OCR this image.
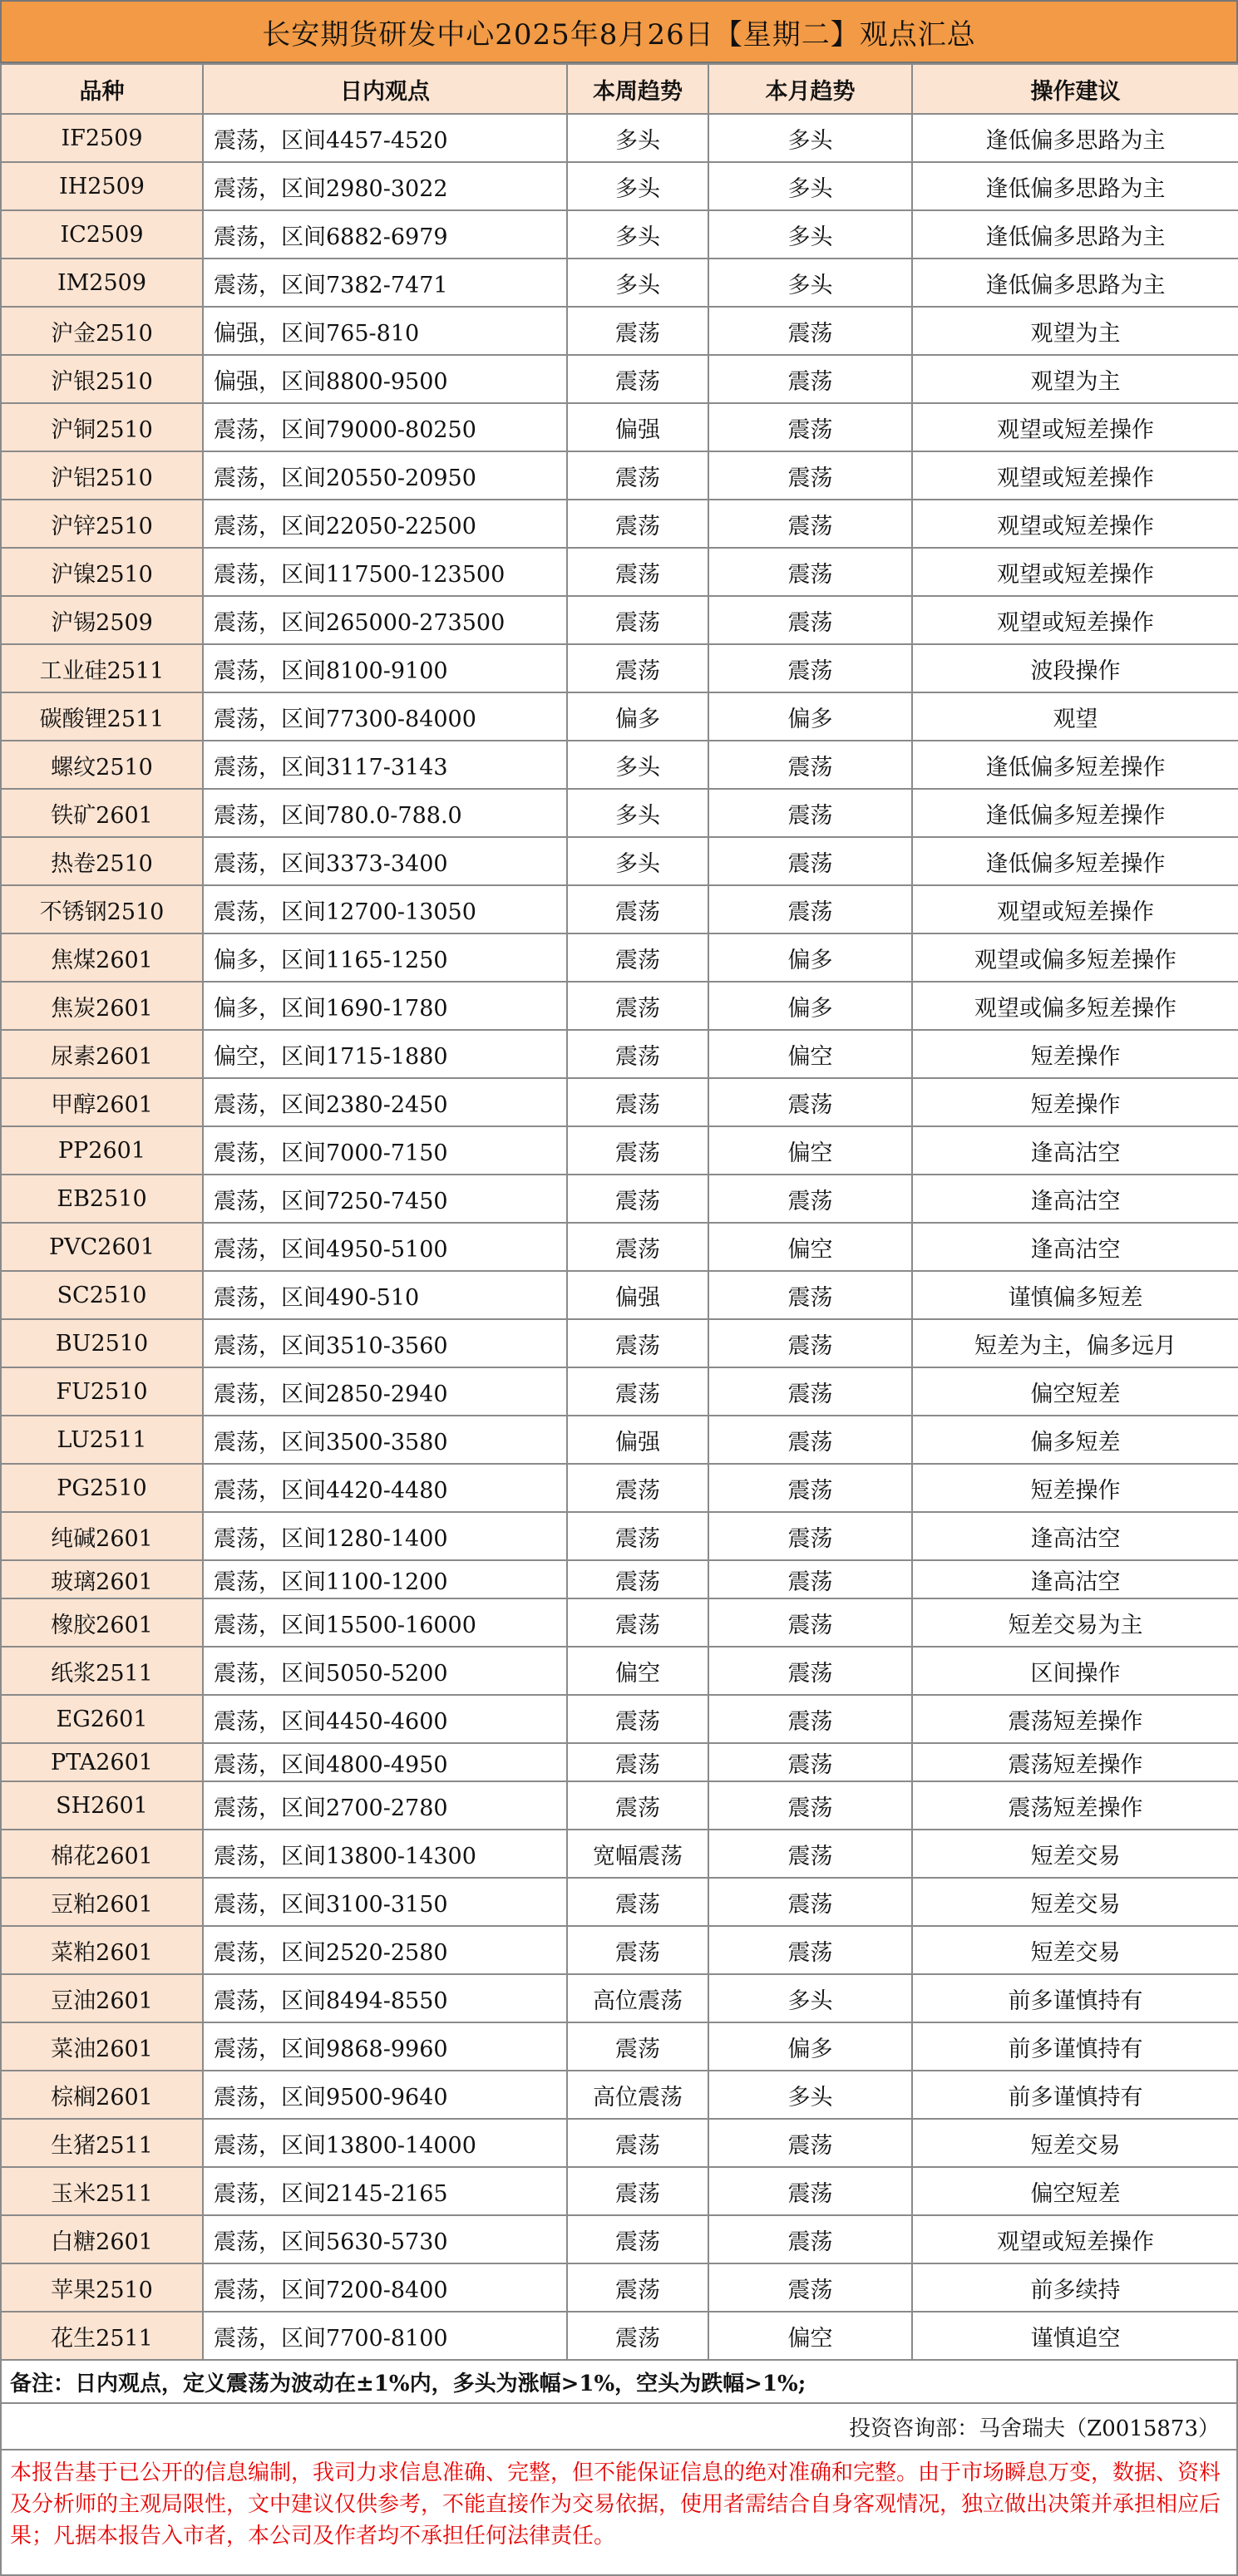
长安期货研发中心2025年8月26日【星期二】观点汇总
品种	日内观点	本周趋势	本月趋势	操作建议
IF2509	震荡，区间4457-4520	多头	多头	逢低偏多思路为主
IH2509	震荡，区间2980-3022	多头	多头	逢低偏多思路为主
IC2509	震荡，区间6882-6979	多头	多头	逢低偏多思路为主
IM2509	震荡，区间7382-7471	多头	多头	逢低偏多思路为主
沪金2510	偏强，区间765-810	震荡	震荡	观望为主
沪银2510	偏强，区间8800-9500	震荡	震荡	观望为主
沪铜2510	震荡，区间79000-80250	偏强	震荡	观望或短差操作
沪铝2510	震荡，区间20550-20950	震荡	震荡	观望或短差操作
沪锌2510	震荡，区间22050-22500	震荡	震荡	观望或短差操作
沪镍2510	震荡，区间117500-123500	震荡	震荡	观望或短差操作
沪锡2509	震荡，区间265000-273500	震荡	震荡	观望或短差操作
工业硅2511	震荡，区间8100-9100	震荡	震荡	波段操作
碳酸锂2511	震荡，区间77300-84000	偏多	偏多	观望
螺纹2510	震荡，区间3117-3143	多头	震荡	逢低偏多短差操作
铁矿2601	震荡，区间780.0-788.0	多头	震荡	逢低偏多短差操作
热卷2510	震荡，区间3373-3400	多头	震荡	逢低偏多短差操作
不锈钢2510	震荡，区间12700-13050	震荡	震荡	观望或短差操作
焦煤2601	偏多，区间1165-1250	震荡	偏多	观望或偏多短差操作
焦炭2601	偏多，区间1690-1780	震荡	偏多	观望或偏多短差操作
尿素2601	偏空，区间1715-1880	震荡	偏空	短差操作
甲醇2601	震荡，区间2380-2450	震荡	震荡	短差操作
PP2601	震荡，区间7000-7150	震荡	偏空	逢高沽空
EB2510	震荡，区间7250-7450	震荡	震荡	逢高沽空
PVC2601	震荡，区间4950-5100	震荡	偏空	逢高沽空
SC2510	震荡，区间490-510	偏强	震荡	谨慎偏多短差
BU2510	震荡，区间3510-3560	震荡	震荡	短差为主，偏多远月
FU2510	震荡，区间2850-2940	震荡	震荡	偏空短差
LU2511	震荡，区间3500-3580	偏强	震荡	偏多短差
PG2510	震荡，区间4420-4480	震荡	震荡	短差操作
纯碱2601	震荡，区间1280-1400	震荡	震荡	逢高沽空
玻璃2601	震荡，区间1100-1200	震荡	震荡	逢高沽空
橡胶2601	震荡，区间15500-16000	震荡	震荡	短差交易为主
纸浆2511	震荡，区间5050-5200	偏空	震荡	区间操作
EG2601	震荡，区间4450-4600	震荡	震荡	震荡短差操作
PTA2601	震荡，区间4800-4950	震荡	震荡	震荡短差操作
SH2601	震荡，区间2700-2780	震荡	震荡	震荡短差操作
棉花2601	震荡，区间13800-14300	宽幅震荡	震荡	短差交易
豆粕2601	震荡，区间3100-3150	震荡	震荡	短差交易
菜粕2601	震荡，区间2520-2580	震荡	震荡	短差交易
豆油2601	震荡，区间8494-8550	高位震荡	多头	前多谨慎持有
菜油2601	震荡，区间9868-9960	震荡	偏多	前多谨慎持有
棕榈2601	震荡，区间9500-9640	高位震荡	多头	前多谨慎持有
生猪2511	震荡，区间13800-14000	震荡	震荡	短差交易
玉米2511	震荡，区间2145-2165	震荡	震荡	偏空短差
白糖2601	震荡，区间5630-5730	震荡	震荡	观望或短差操作
苹果2510	震荡，区间7200-8400	震荡	震荡	前多续持
花生2511	震荡，区间7700-8100	震荡	偏空	谨慎追空
备注：日内观点，定义震荡为波动在±1%内，多头为涨幅>1%，空头为跌幅>1%;
投资咨询部：马舍瑞夫（Z0015873）
本报告基于已公开的信息编制，我司力求信息准确、完整，但不能保证信息的绝对准确和完整。由于市场瞬息万变，数据、资料及分析师的主观局限性，文中建议仅供参考，不能直接作为交易依据，使用者需结合自身客观情况，独立做出决策并承担相应后果；凡据本报告入市者，本公司及作者均不承担任何法律责任。
